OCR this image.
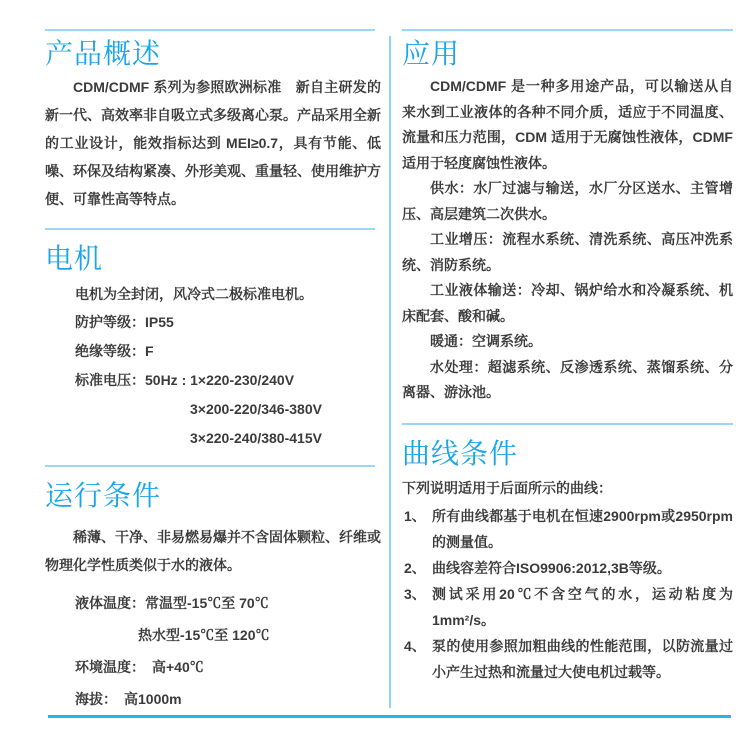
产品概述

CDM/CDMF 系列为参照欧洲标准　新自主研发的新一代、高效率非自吸立式多级离心泵。产品采用全新的工业设计，能效指标达到 MEI≥0.7，具有节能、低噪、环保及结构紧凑、外形美观、重量轻、使用维护方便、可靠性高等特点。

电机
电机为全封闭，风冷式二极标准电机。
防护等级：IP55
绝缘等级：F
标准电压：50Hz : 1×220-230/240V
3×200-220/346-380V
3×220-240/380-415V
运行条件

稀薄、干净、非易燃易爆并不含固体颗粒、纤维或物理化学性质类似于水的液体。

液体温度：常温型-15℃至 70℃
热水型-15℃至 120℃
环境温度：　高+40℃
海拔：　高1000m
应用

CDM/CDMF 是一种多用途产品，可以输送从自来水到工业液体的各种不同介质，适应于不同温度、流量和压力范围，CDM 适用于无腐蚀性液体，CDMF 适用于轻度腐蚀性液体。

供水：水厂过滤与输送，水厂分区送水、主管增压、高层建筑二次供水。

工业增压：流程水系统、清洗系统、高压冲洗系统、消防系统。

工业液体输送：冷却、锅炉给水和冷凝系统、机床配套、酸和碱。

暖通：空调系统。

水处理：超滤系统、反渗透系统、蒸馏系统、分离器、游泳池。

曲线条件

下列说明适用于后面所示的曲线：

1、 所有曲线都基于电机在恒速2900rpm或2950rpm的测量值。
2、 曲线容差符合ISO9906:2012,3B等级。
3、 测试采用20℃不含空气的水，运动粘度为1mm²/s。
4、 泵的使用参照加粗曲线的性能范围，以防流量过小产生过热和流量过大使电机过载等。
